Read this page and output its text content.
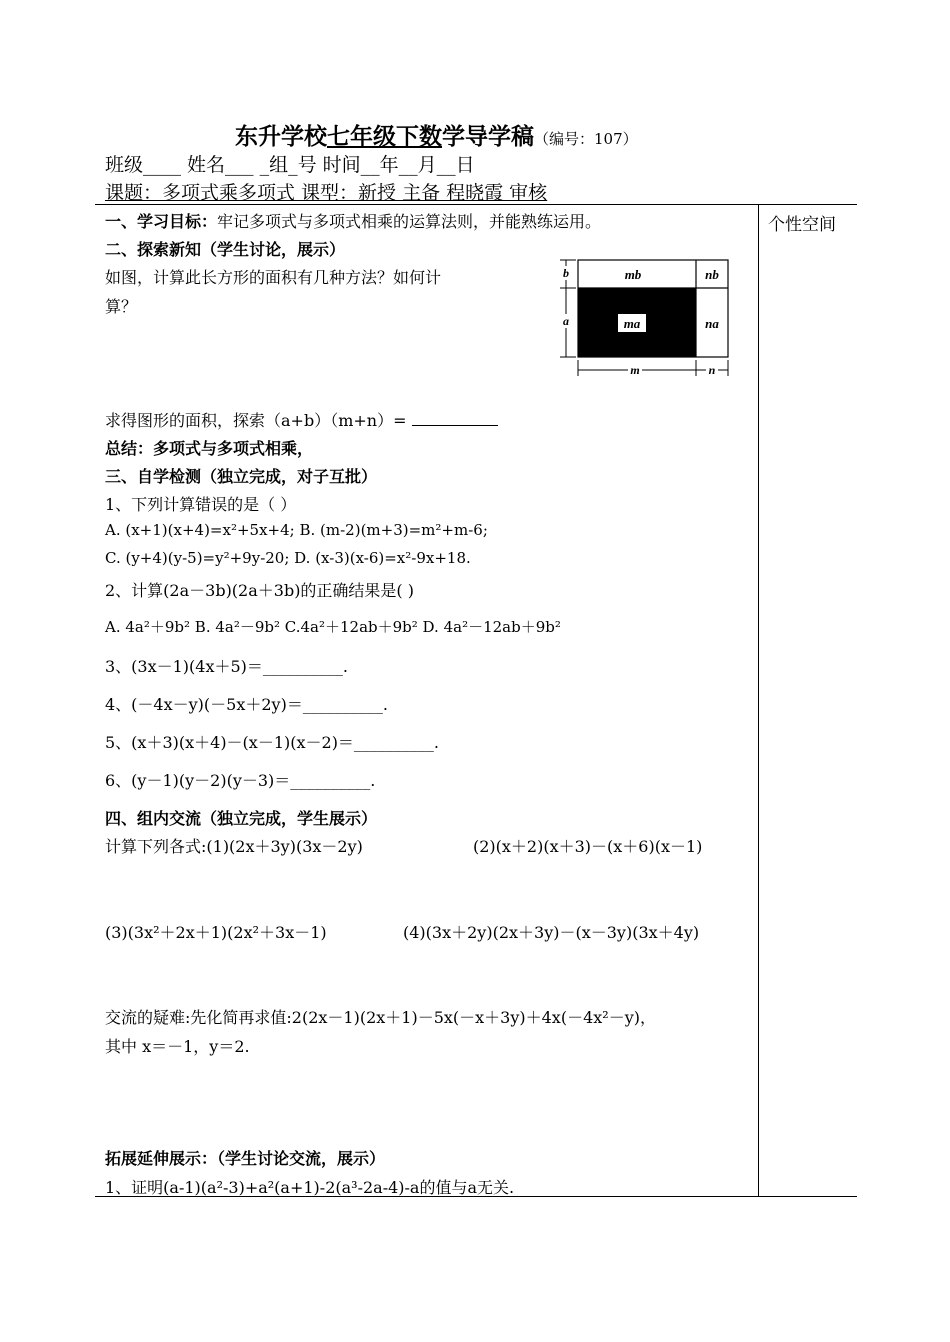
东升学校七年级下数学导学稿（编号：107）
班级____ 姓名___ _组_号 时间__年__月__日
课题：多项式乘多项式 课型：新授 主备 程晓霞 审核
个性空间
一、学习目标：牢记多项式与多项式相乘的运算法则，并能熟练运用。
二、探索新知（学生讨论，展示）
如图，计算此长方形的面积有几种方法？如何计
算？
mb	nb
ma	na
b
a
m	n
求得图形的面积，探索（a+b）（m+n）=
总结：多项式与多项式相乘，
三、自学检测（独立完成，对子互批）
1、下列计算错误的是（ ）
A. (x+1)(x+4)=x²+5x+4; B. (m-2)(m+3)=m²+m-6;
C. (y+4)(y-5)=y²+9y-20; D. (x-3)(x-6)=x²-9x+18.
2、计算(2a－3b)(2a＋3b)的正确结果是( )
A. 4a²＋9b² B. 4a²－9b² C.4a²＋12ab＋9b² D. 4a²－12ab＋9b²
3、(3x－1)(4x＋5)＝__________.
4、(－4x－y)(－5x＋2y)＝__________.
5、(x＋3)(x＋4)－(x－1)(x－2)＝__________.
6、(y－1)(y－2)(y－3)＝__________.
四、组内交流（独立完成，学生展示）
计算下列各式:(1)(2x＋3y)(3x－2y)	(2)(x＋2)(x＋3)－(x＋6)(x－1)
(3)(3x²＋2x＋1)(2x²＋3x－1)	(4)(3x＋2y)(2x＋3y)－(x－3y)(3x＋4y)
交流的疑难:先化简再求值:2(2x－1)(2x＋1)－5x(－x＋3y)＋4x(－4x²－y)，
其中 x＝－1，y＝2.
拓展延伸展示：（学生讨论交流，展示）
1、证明(a-1)(a²-3)+a²(a+1)-2(a³-2a-4)-a的值与a无关.
